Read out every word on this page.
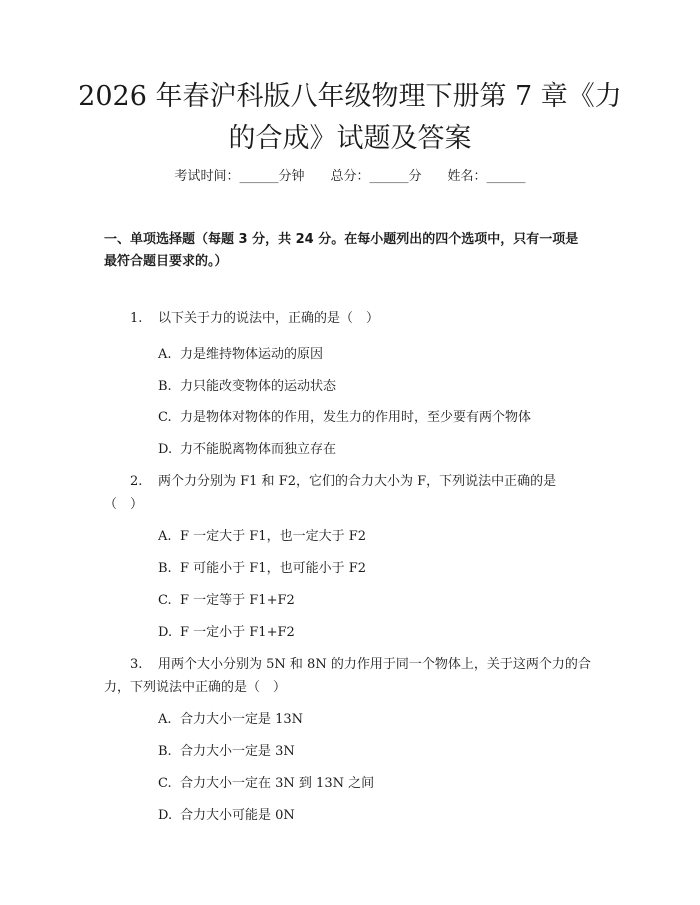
2026 年春沪科版八年级物理下册第 7 章《力
的合成》试题及答案
考试时间：______分钟 总分：______分 姓名：______
一、单项选择题（每题 3 分，共 24 分。在每小题列出的四个选项中，只有一项是
最符合题目要求的。）
1. 以下关于力的说法中，正确的是（　）
A. 力是维持物体运动的原因
B. 力只能改变物体的运动状态
C. 力是物体对物体的作用，发生力的作用时，至少要有两个物体
D. 力不能脱离物体而独立存在
2. 两个力分别为 F1 和 F2，它们的合力大小为 F，下列说法中正确的是
（　）
A. F 一定大于 F1，也一定大于 F2
B. F 可能小于 F1，也可能小于 F2
C. F 一定等于 F1+F2
D. F 一定小于 F1+F2
3. 用两个大小分别为 5N 和 8N 的力作用于同一个物体上，关于这两个力的合
力，下列说法中正确的是（　）
A. 合力大小一定是 13N
B. 合力大小一定是 3N
C. 合力大小一定在 3N 到 13N 之间
D. 合力大小可能是 0N
